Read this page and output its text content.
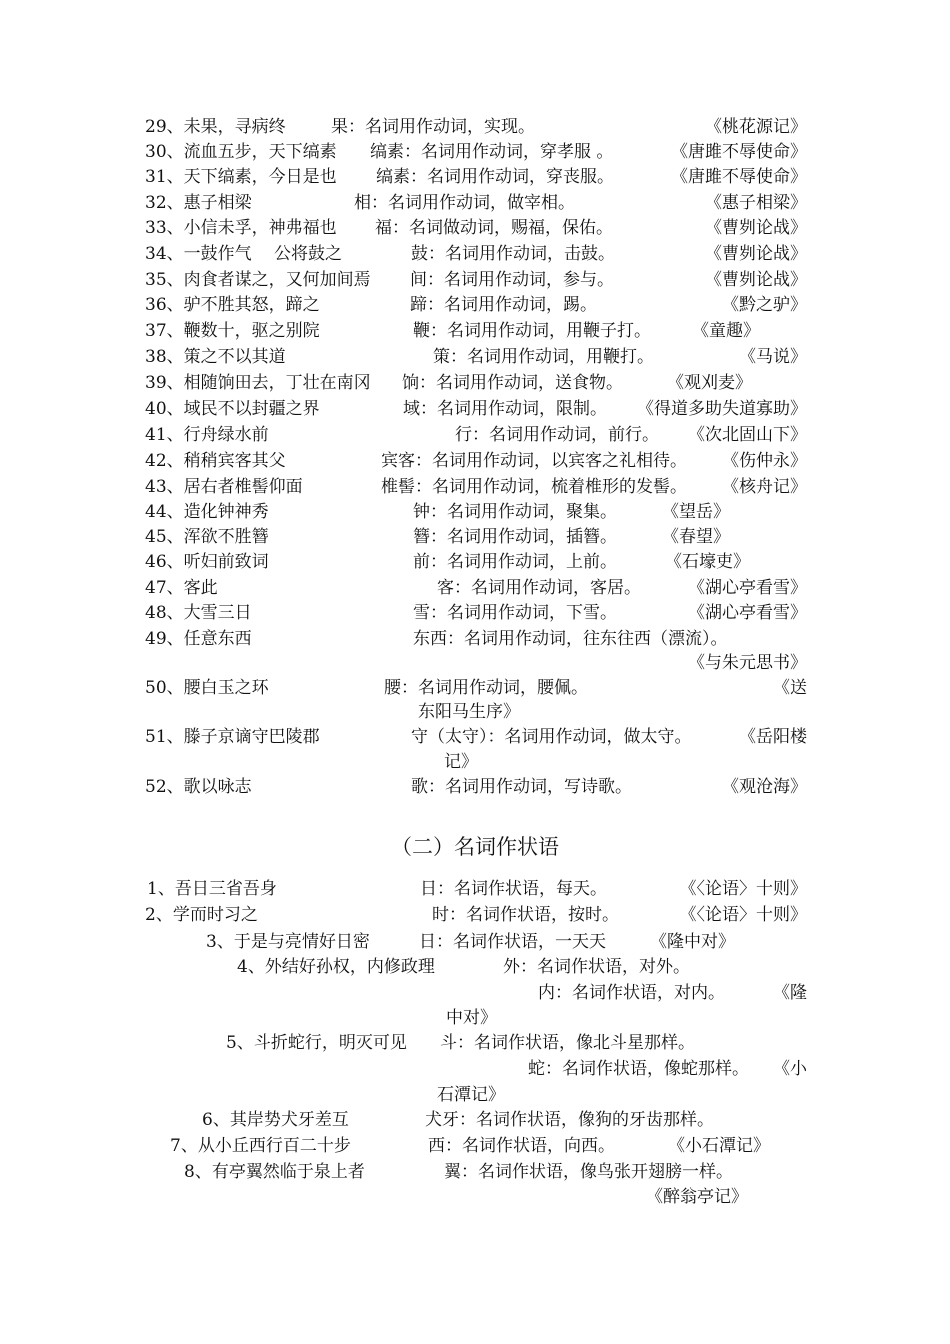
29、未果，寻病终	果：名词用作动词，实现。	《桃花源记》
30、流血五步，天下缟素 缟素：名词用作动词，穿孝服 。	《唐雎不辱使命》
31、天下缟素，今日是也 缟素：名词用作动词，穿丧服。	《唐雎不辱使命》
32、惠子相梁	相：名词用作动词，做宰相。	《惠子相梁》
33、小信未孚，神弗福也 福：名词做动词，赐福，保佑。	《曹刿论战》
34、一鼓作气　 公将鼓之	鼓：名词用作动词，击鼓。	《曹刿论战》
35、肉食者谋之，又何加间焉 间：名词用作动词，参与。	《曹刿论战》
36、驴不胜其怒，蹄之	蹄：名词用作动词，踢。	《黔之驴》
37、鞭数十，驱之别院	鞭：名词用作动词，用鞭子打。 《童趣》
38、策之不以其道	策：名词用作动词，用鞭打。	《马说》
39、相随饷田去，丁壮在南冈 饷：名词用作动词，送食物。	《观刈麦》
40、域民不以封疆之界	域：名词用作动词，限制。 《得道多助失道寡助》
41、行舟绿水前	行：名词用作动词，前行。 《次北固山下》
42、稍稍宾客其父	宾客：名词用作动词，以宾客之礼相待。 《伤仲永》
43、居右者椎髻仰面	椎髻：名词用作动词，梳着椎形的发髻。 《核舟记》
44、造化钟神秀	钟：名词用作动词，聚集。	《望岳》
45、浑欲不胜簪	簪：名词用作动词，插簪。	《春望》
46、听妇前致词	前：名词用作动词，上前。	《石壕吏》
47、客此	客：名词用作动词，客居。	《湖心亭看雪》
48、大雪三日	雪：名词用作动词，下雪。	《湖心亭看雪》
49、任意东西	东西：名词用作动词，往东往西（漂流）。
《与朱元思书》
50、腰白玉之环	腰：名词用作动词，腰佩。	《送
东阳马生序》
51、滕子京谪守巴陵郡	守（太守）：名词用作动词，做太守。	《岳阳楼
记》
52、歌以咏志	歌：名词用作动词，写诗歌。	《观沧海》
（二）名词作状语
1、吾日三省吾身	日：名词作状语，每天。	《〈论语〉十则》
2、学而时习之	时：名词作状语，按时。	《〈论语〉十则》
3、于是与亮情好日密	日：名词作状语，一天天	《隆中对》
4、外结好孙权，内修政理	外：名词作状语，对外。
内：名词作状语，对内。	《隆
中对》
5、斗折蛇行，明灭可见 斗：名词作状语，像北斗星那样。
蛇：名词作状语，像蛇那样。 《小
石潭记》
6、其岸势犬牙差互	犬牙：名词作状语，像狗的牙齿那样。
7、从小丘西行百二十步	西：名词作状语，向西。	《小石潭记》
8、有亭翼然临于泉上者	翼：名词作状语，像鸟张开翅膀一样。
《醉翁亭记》
